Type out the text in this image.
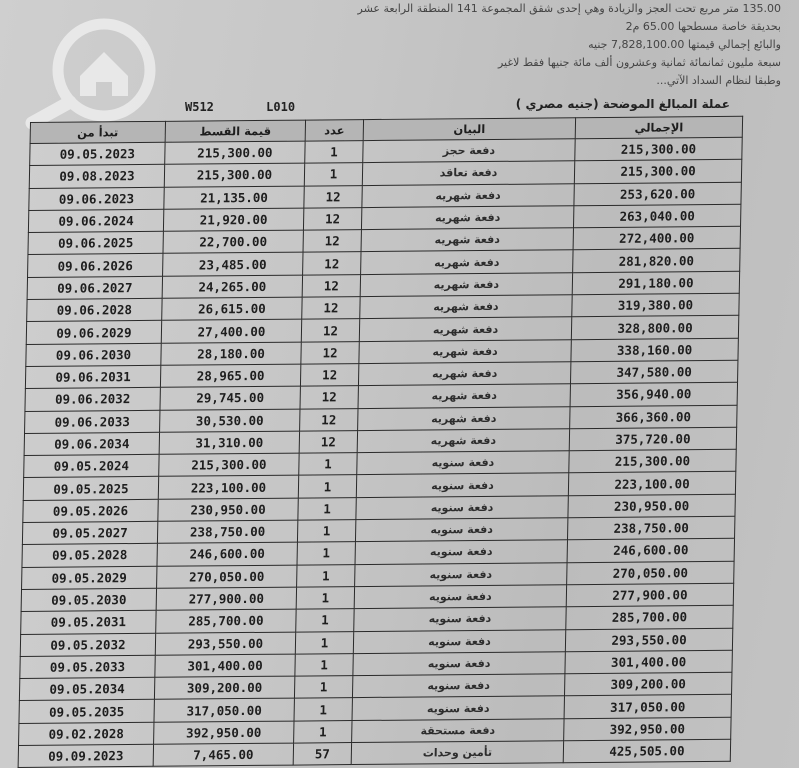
135.00 متر مربع تحت العجز والزيادة وهي إحدى شقق المجموعة 141 المنطقة الرابعة عشر
بحديقة خاصة مسطحها 65.00 م2
والبائع إجمالي قيمتها 7,828,100.00 جنيه
سبعة مليون ثمانمائة ثمانية وعشرون ألف مائة جنيها فقط لاغير
وطبقا لنظام السداد الآتي...
W512	L010	عملة المبالغ الموضحة (جنيه مصري )
تبدأ من	قيمة القسط	عدد	البيان	الإجمالي
09.05.2023	215,300.00	1	دفعة حجز	215,300.00
09.08.2023	215,300.00	1	دفعة تعاقد	215,300.00
09.06.2023	21,135.00	12	دفعة شهريه	253,620.00
09.06.2024	21,920.00	12	دفعة شهريه	263,040.00
09.06.2025	22,700.00	12	دفعة شهريه	272,400.00
09.06.2026	23,485.00	12	دفعة شهريه	281,820.00
09.06.2027	24,265.00	12	دفعة شهريه	291,180.00
09.06.2028	26,615.00	12	دفعة شهريه	319,380.00
09.06.2029	27,400.00	12	دفعة شهريه	328,800.00
09.06.2030	28,180.00	12	دفعة شهريه	338,160.00
09.06.2031	28,965.00	12	دفعة شهريه	347,580.00
09.06.2032	29,745.00	12	دفعة شهريه	356,940.00
09.06.2033	30,530.00	12	دفعة شهريه	366,360.00
09.06.2034	31,310.00	12	دفعة شهريه	375,720.00
09.05.2024	215,300.00	1	دفعة سنويه	215,300.00
09.05.2025	223,100.00	1	دفعة سنويه	223,100.00
09.05.2026	230,950.00	1	دفعة سنويه	230,950.00
09.05.2027	238,750.00	1	دفعة سنويه	238,750.00
09.05.2028	246,600.00	1	دفعة سنويه	246,600.00
09.05.2029	270,050.00	1	دفعة سنويه	270,050.00
09.05.2030	277,900.00	1	دفعة سنويه	277,900.00
09.05.2031	285,700.00	1	دفعة سنويه	285,700.00
09.05.2032	293,550.00	1	دفعة سنويه	293,550.00
09.05.2033	301,400.00	1	دفعة سنويه	301,400.00
09.05.2034	309,200.00	1	دفعة سنويه	309,200.00
09.05.2035	317,050.00	1	دفعة سنويه	317,050.00
09.02.2028	392,950.00	1	دفعة مستحقة	392,950.00
09.09.2023	7,465.00	57	تأمين وحدات	425,505.00
